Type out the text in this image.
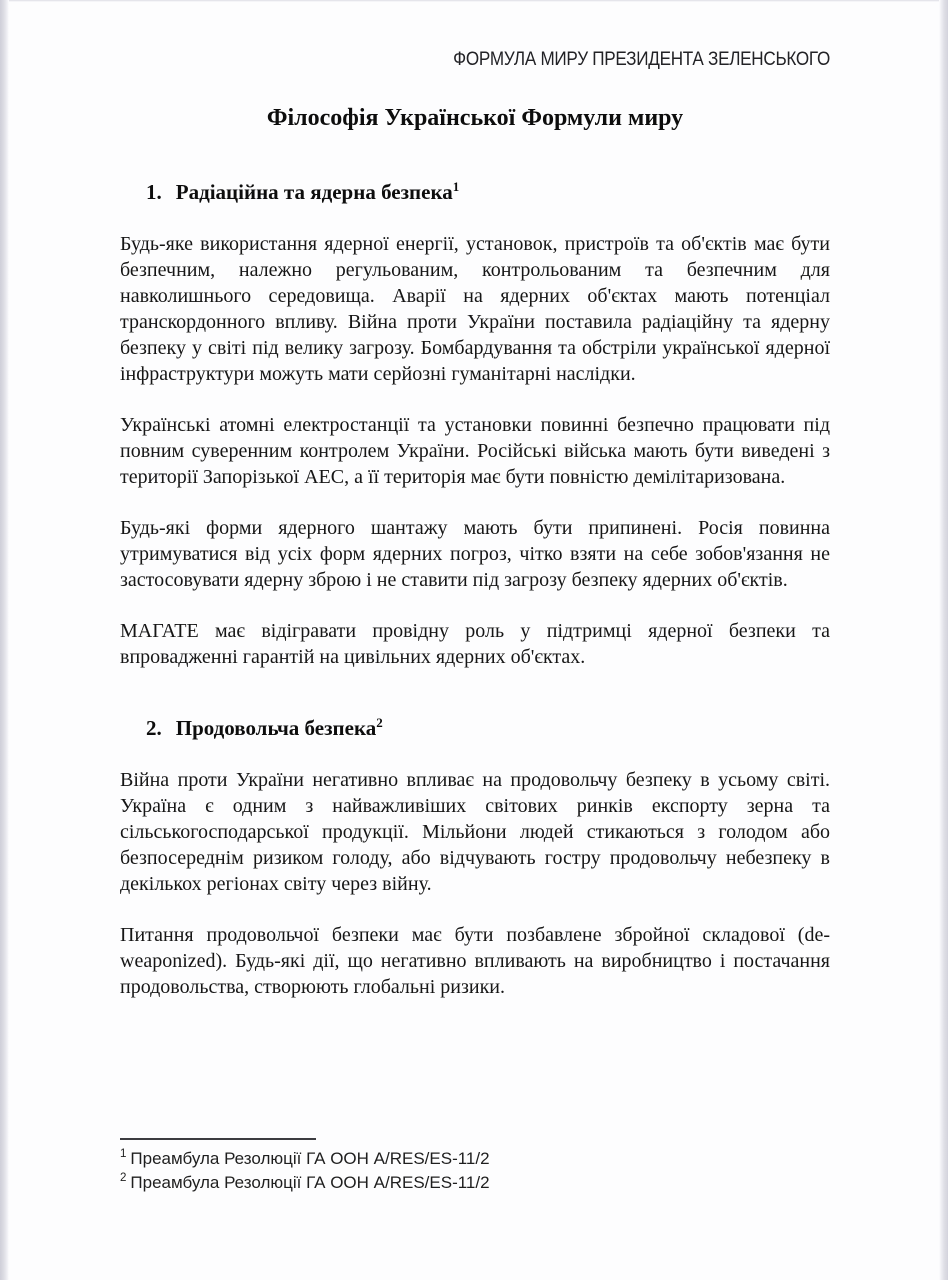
ФОРМУЛА МИРУ ПРЕЗИДЕНТА ЗЕЛЕНСЬКОГО
Філософія Української Формули миру
1. Радіаційна та ядерна безпека$^1$

Будь-яке використання ядерної енергії, установок, пристроїв та об'єктів має бути безпечним, належно регульованим, контрольованим та безпечним для навколишнього середовища. Аварії на ядерних об'єктах мають потенціал транскордонного впливу. Війна проти України поставила радіаційну та ядерну безпеку у світі під велику загрозу. Бомбардування та обстріли української ядерної інфраструктури можуть мати серйозні гуманітарні наслідки.

Українські атомні електростанції та установки повинні безпечно працювати під повним суверенним контролем України. Російські війська мають бути виведені з території Запорізької АЕС, а її територія має бути повністю демілітаризована.

Будь-які форми ядерного шантажу мають бути припинені. Росія повинна утримуватися від усіх форм ядерних погроз, чітко взяти на себе зобов'язання не застосовувати ядерну зброю і не ставити під загрозу безпеку ядерних об'єктів.

МАГАТЕ має відігравати провідну роль у підтримці ядерної безпеки та впровадженні гарантій на цивільних ядерних об'єктах.

2. Продовольча безпека$^2$

Війна проти України негативно впливає на продовольчу безпеку в усьому світі. Україна є одним з найважливіших світових ринків експорту зерна та сільськогосподарської продукції. Мільйони людей стикаються з голодом або безпосереднім ризиком голоду, або відчувають гостру продовольчу небезпеку в декількох регіонах світу через війну.

Питання продовольчої безпеки має бути позбавлене збройної складової (de-weaponized). Будь-які дії, що негативно впливають на виробництво і постачання продовольства, створюють глобальні ризики.

$^1$ Преамбула Резолюції ГА ООН A/RES/ES-11/2
$^2$ Преамбула Резолюції ГА ООН A/RES/ES-11/2
